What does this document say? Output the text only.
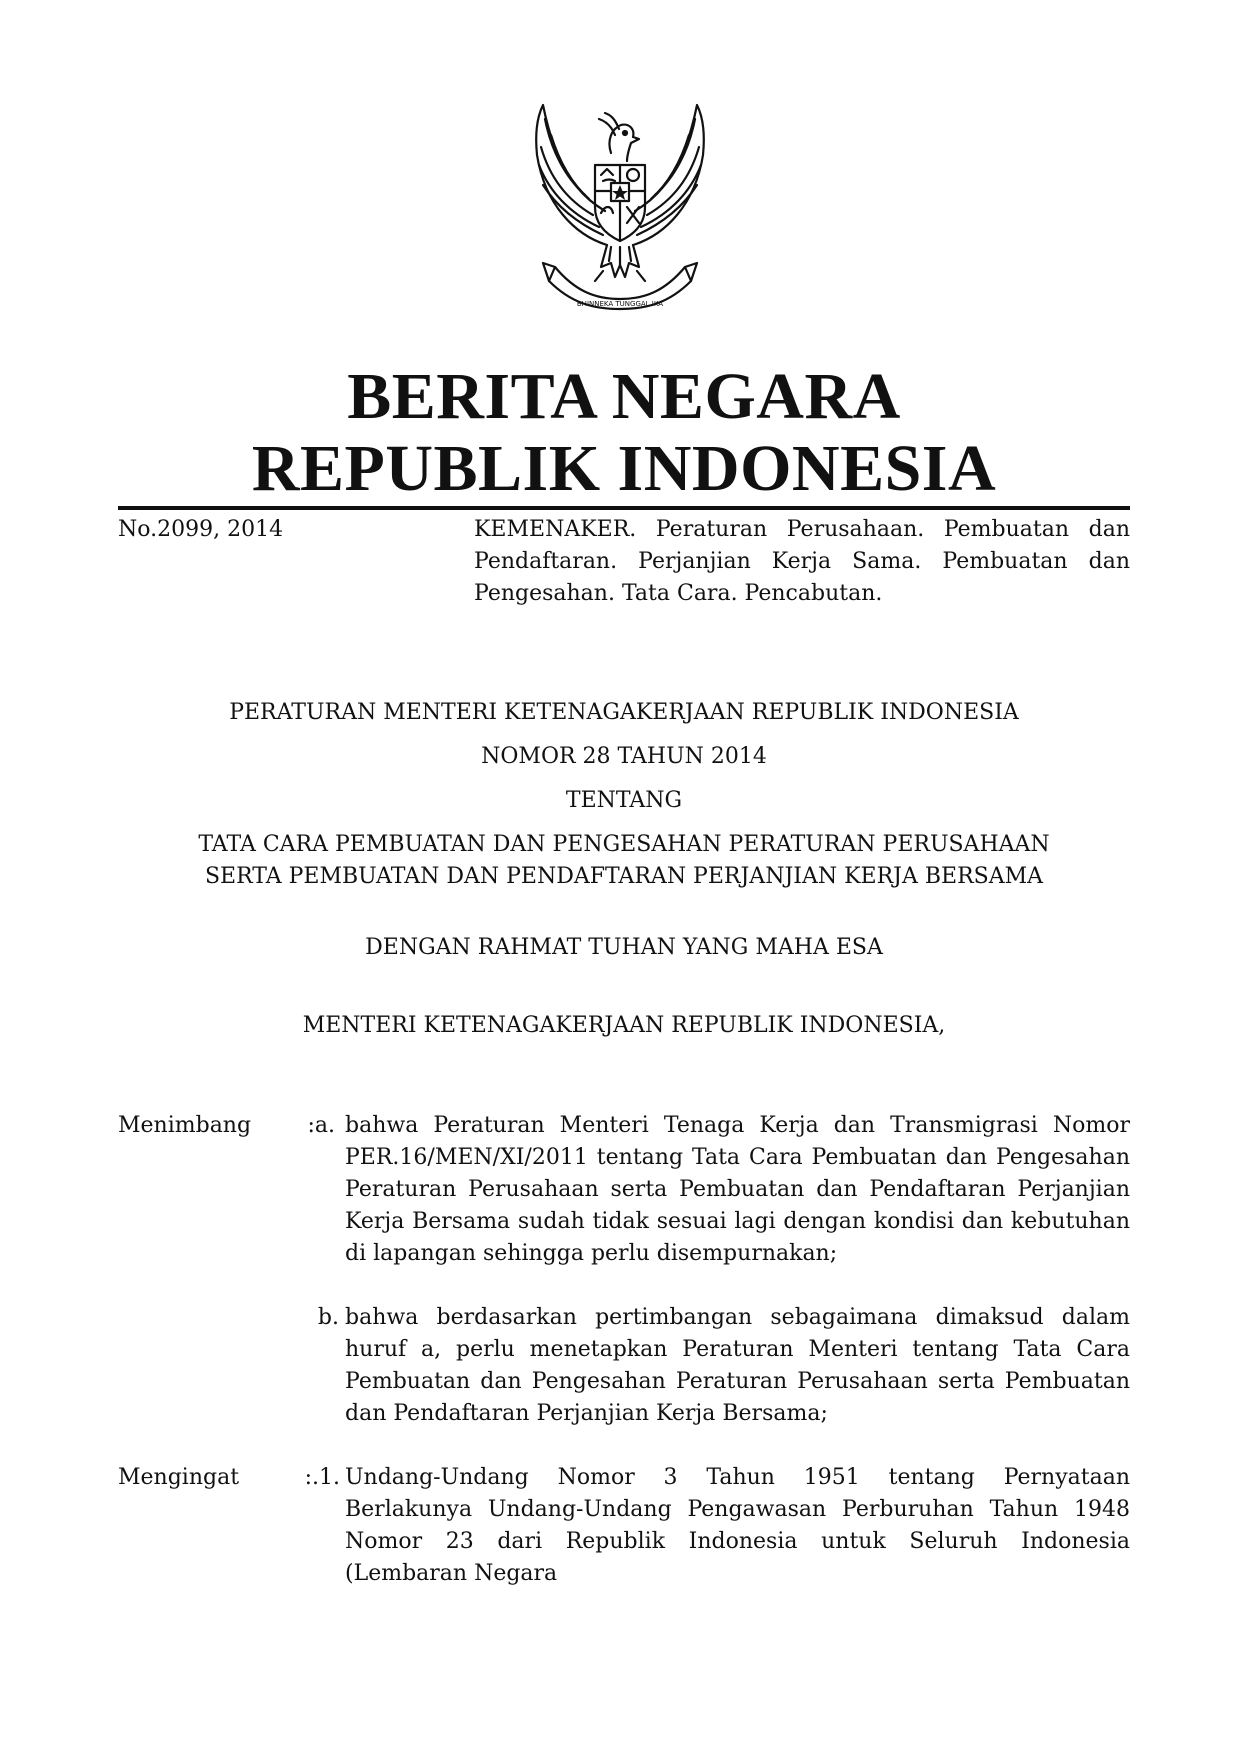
BHINNEKA TUNGGAL IKA
BERITA NEGARA
REPUBLIK INDONESIA
No.2099, 2014	KEMENAKER. Peraturan Perusahaan. Pembuatan dan Pendaftaran. Perjanjian Kerja Sama. Pembuatan dan Pengesahan. Tata Cara. Pencabutan.
PERATURAN MENTERI KETENAGAKERJAAN REPUBLIK INDONESIA
NOMOR 28 TAHUN 2014
TENTANG
TATA CARA PEMBUATAN DAN PENGESAHAN PERATURAN PERUSAHAAN
SERTA PEMBUATAN DAN PENDAFTARAN PERJANJIAN KERJA BERSAMA
DENGAN RAHMAT TUHAN YANG MAHA ESA
MENTERI KETENAGAKERJAAN REPUBLIK INDONESIA,
Menimbang	:a. bahwa Peraturan Menteri Tenaga Kerja dan Transmigrasi Nomor PER.16/MEN/XI/2011 tentang Tata Cara Pembuatan dan Pengesahan Peraturan Perusahaan serta Pembuatan dan Pendaftaran Perjanjian Kerja Bersama sudah tidak sesuai lagi dengan kondisi dan kebutuhan di lapangan sehingga perlu disempurnakan;
b. bahwa berdasarkan pertimbangan sebagaimana dimaksud dalam huruf a, perlu menetapkan Peraturan Menteri tentang Tata Cara Pembuatan dan Pengesahan Peraturan Perusahaan serta Pembuatan dan Pendaftaran Perjanjian Kerja Bersama;
Mengingat	:.1. Undang-Undang Nomor 3 Tahun 1951 tentang Pernyataan Berlakunya Undang-Undang Pengawasan Perburuhan Tahun 1948 Nomor 23 dari Republik Indonesia untuk Seluruh Indonesia (Lembaran Negara
